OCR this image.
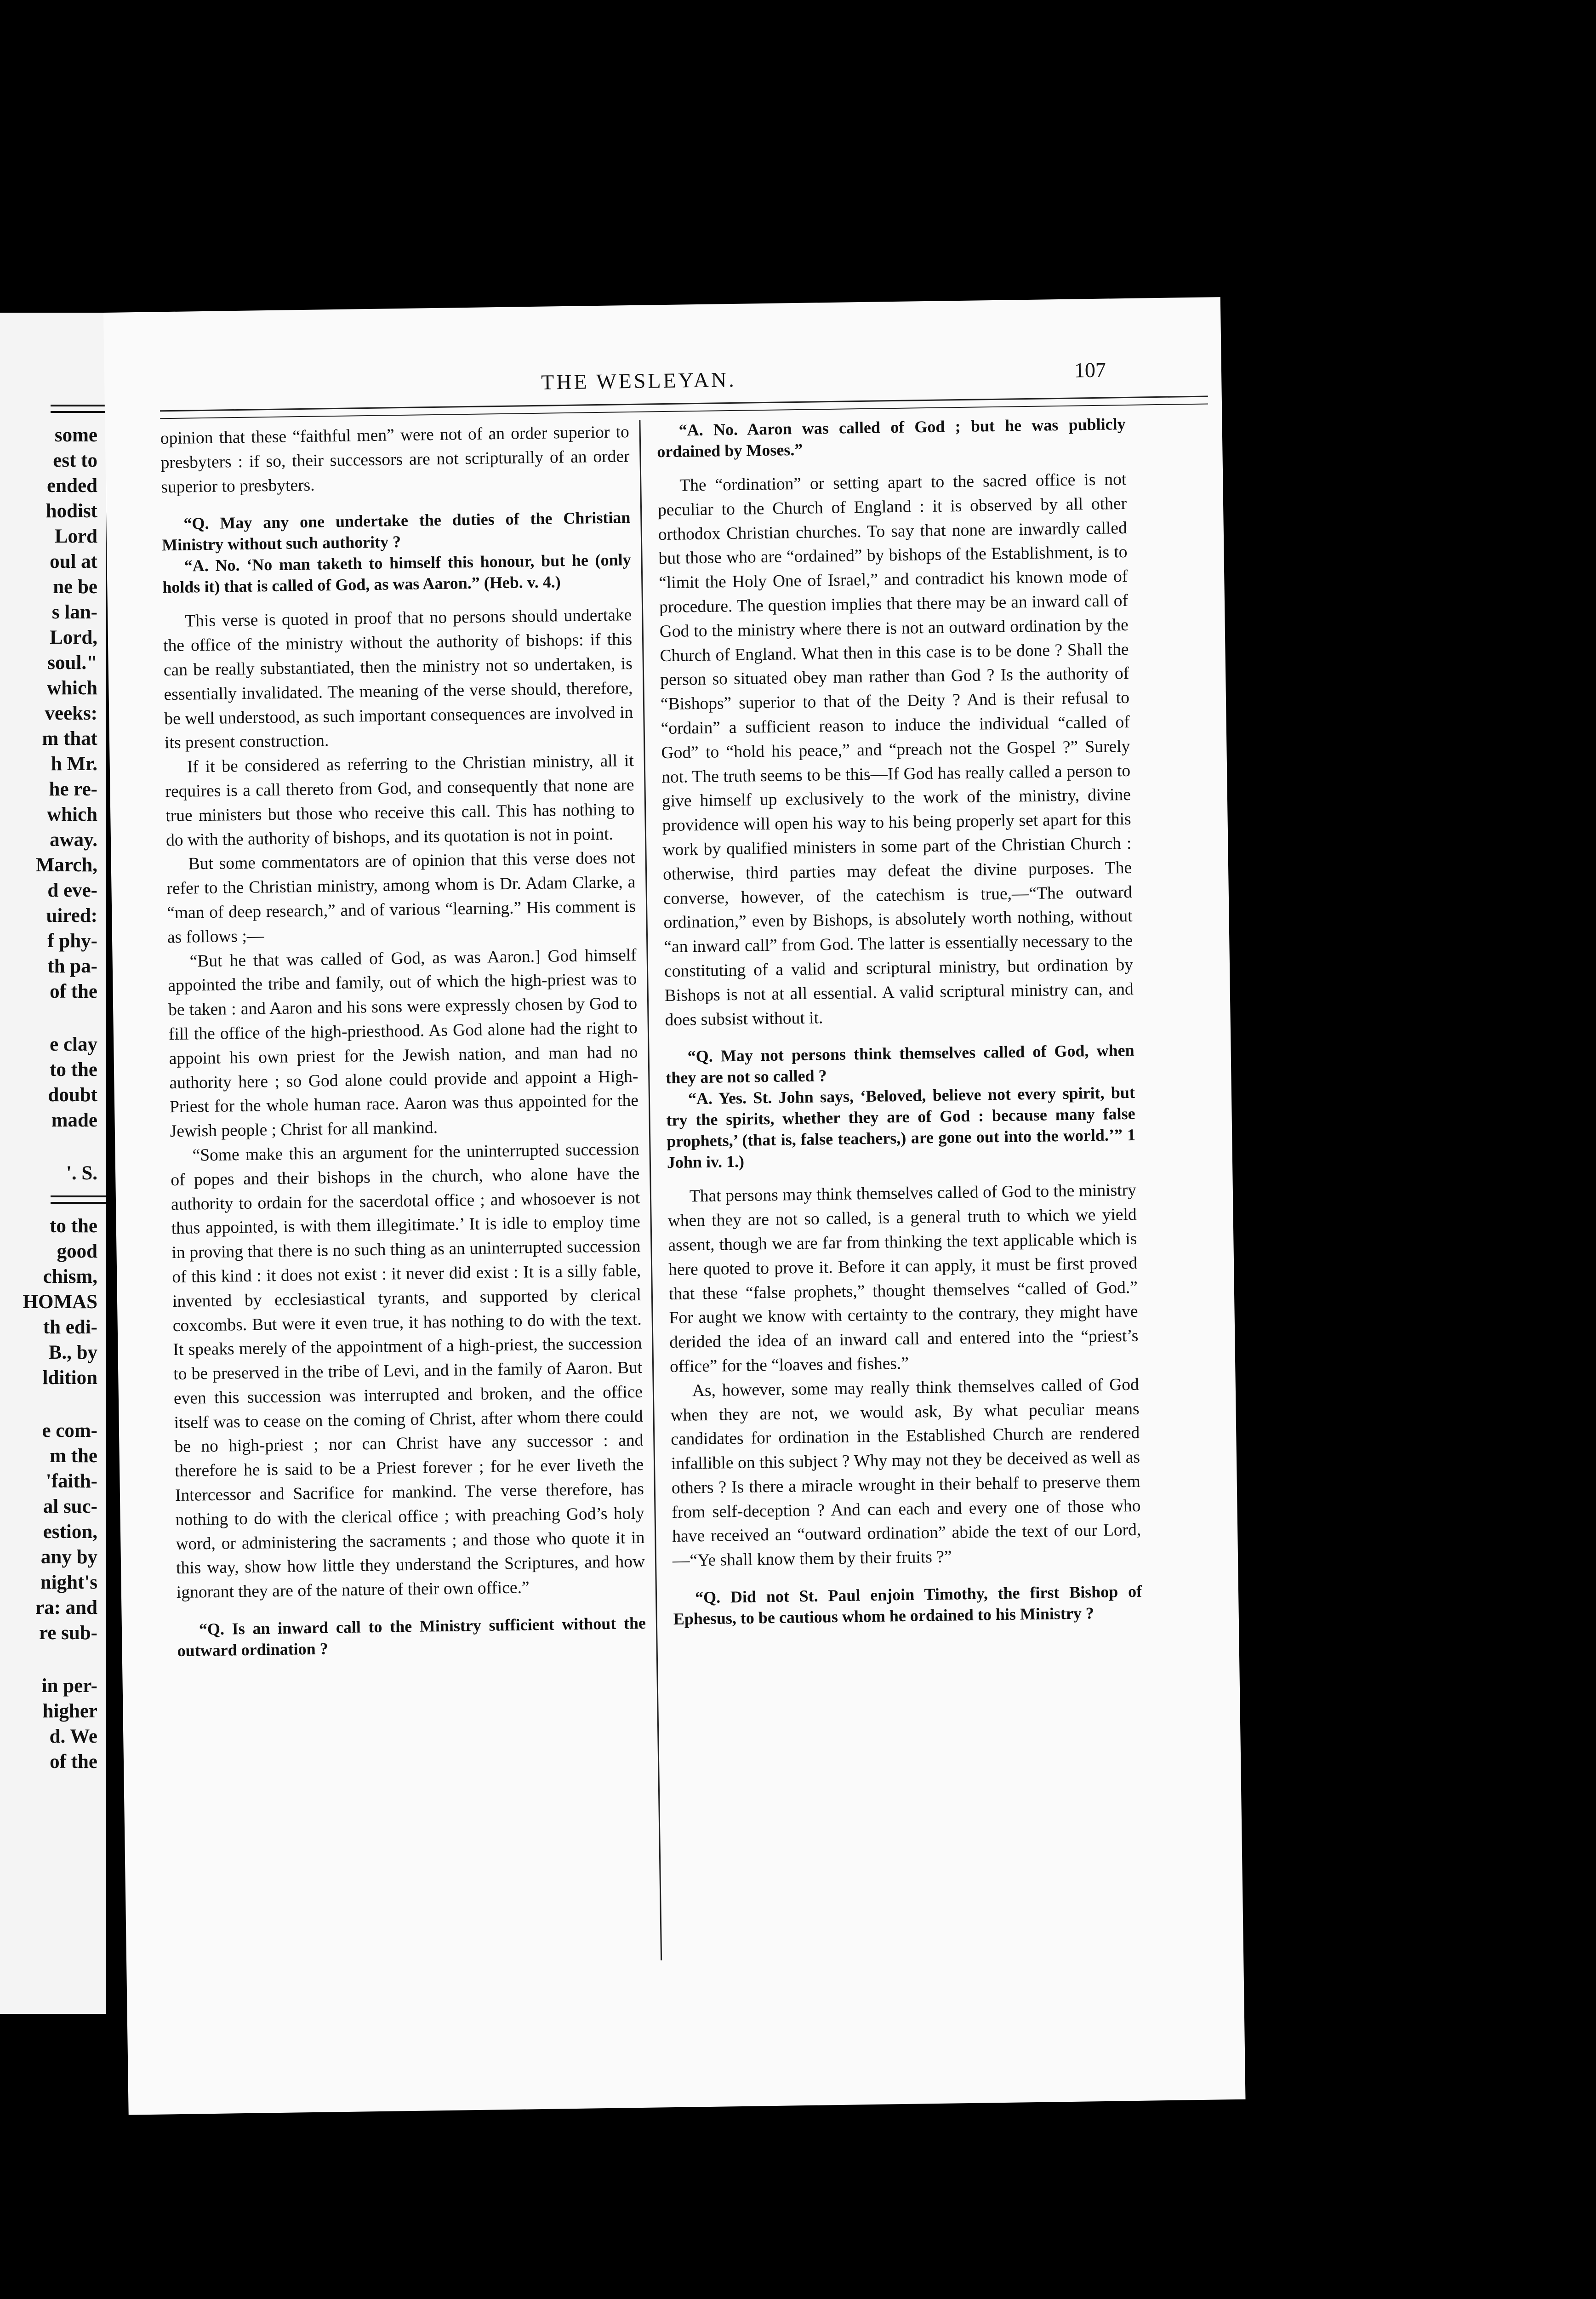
some
est to
ended
hodist
Lord
oul at
ne be
s lan-
Lord,
soul."
which
veeks:
m that
h Mr.
he re-
which
away.
March,
d eve-
uired:
f phy-
th pa-
of the
e clay
to the
doubt
made
'. S.
to the
good
chism,
HOMAS
th edi-
B., by
ldition
e com-
m the
'faith-
al suc-
estion,
any by
night's
ra: and
re sub-
in per-
higher
d. We
of the
THE WESLEYAN.	107

opinion that these “faithful men” were not of an order superior to presbyters : if so, their successors are not scripturally of an order superior to presbyters.

“Q. May any one undertake the duties of the Christian Ministry without such authority ?

“A. No. ‘No man taketh to himself this honour, but he (only holds it) that is called of God, as was Aaron.” (Heb. v. 4.)

This verse is quoted in proof that no persons should undertake the office of the ministry without the authority of bishops: if this can be really substantiated, then the ministry not so undertaken, is essentially invalidated. The meaning of the verse should, therefore, be well understood, as such important consequences are involved in its present construction.

If it be considered as referring to the Christian ministry, all it requires is a call thereto from God, and consequently that none are true ministers but those who receive this call. This has nothing to do with the authority of bishops, and its quotation is not in point.

But some commentators are of opinion that this verse does not refer to the Christian ministry, among whom is Dr. Adam Clarke, a “man of deep research,” and of various “learning.” His comment is as follows ;—

“But he that was called of God, as was Aaron.] God himself appointed the tribe and family, out of which the high-priest was to be taken : and Aaron and his sons were expressly chosen by God to fill the office of the high-priesthood. As God alone had the right to appoint his own priest for the Jewish nation, and man had no authority here ; so God alone could provide and appoint a High-Priest for the whole human race. Aaron was thus appointed for the Jewish people ; Christ for all mankind.

“Some make this an argument for the uninterrupted succession of popes and their bishops in the church, who alone have the authority to ordain for the sacerdotal office ; and whosoever is not thus appointed, is with them illegitimate.’ It is idle to employ time in proving that there is no such thing as an uninterrupted succession of this kind : it does not exist : it never did exist : It is a silly fable, invented by ecclesiastical tyrants, and supported by clerical coxcombs. But were it even true, it has nothing to do with the text. It speaks merely of the appointment of a high-priest, the succession to be preserved in the tribe of Levi, and in the family of Aaron. But even this succession was interrupted and broken, and the office itself was to cease on the coming of Christ, after whom there could be no high-priest ; nor can Christ have any successor : and therefore he is said to be a Priest forever ; for he ever liveth the Intercessor and Sacrifice for mankind. The verse therefore, has nothing to do with the clerical office ; with preaching God’s holy word, or administering the sacraments ; and those who quote it in this way, show how little they understand the Scriptures, and how ignorant they are of the nature of their own office.”

“Q. Is an inward call to the Ministry sufficient without the outward ordination ?

“A. No. Aaron was called of God ; but he was publicly ordained by Moses.”

The “ordination” or setting apart to the sacred office is not peculiar to the Church of England : it is observed by all other orthodox Christian churches. To say that none are inwardly called but those who are “ordained” by bishops of the Establishment, is to “limit the Holy One of Israel,” and contradict his known mode of procedure. The question implies that there may be an inward call of God to the ministry where there is not an outward ordination by the Church of England. What then in this case is to be done ? Shall the person so situated obey man rather than God ? Is the authority of “Bishops” superior to that of the Deity ? And is their refusal to “ordain” a sufficient reason to induce the individual “called of God” to “hold his peace,” and “preach not the Gospel ?” Surely not. The truth seems to be this—If God has really called a person to give himself up exclusively to the work of the ministry, divine providence will open his way to his being properly set apart for this work by qualified ministers in some part of the Christian Church : otherwise, third parties may defeat the divine purposes. The converse, however, of the catechism is true,—“The outward ordination,” even by Bishops, is absolutely worth nothing, without “an inward call” from God. The latter is essentially necessary to the constituting of a valid and scriptural ministry, but ordination by Bishops is not at all essential. A valid scriptural ministry can, and does subsist without it.

“Q. May not persons think themselves called of God, when they are not so called ?

“A. Yes. St. John says, ‘Beloved, believe not every spirit, but try the spirits, whether they are of God : because many false prophets,’ (that is, false teachers,) are gone out into the world.’” 1 John iv. 1.)

That persons may think themselves called of God to the ministry when they are not so called, is a general truth to which we yield assent, though we are far from thinking the text applicable which is here quoted to prove it. Before it can apply, it must be first proved that these “false prophets,” thought themselves “called of God.” For aught we know with certainty to the contrary, they might have derided the idea of an inward call and entered into the “priest’s office” for the “loaves and fishes.”

As, however, some may really think themselves called of God when they are not, we would ask, By what peculiar means candidates for ordination in the Established Church are rendered infallible on this subject ? Why may not they be deceived as well as others ? Is there a miracle wrought in their behalf to preserve them from self-deception ? And can each and every one of those who have received an “outward ordination” abide the text of our Lord,—“Ye shall know them by their fruits ?”

“Q. Did not St. Paul enjoin Timothy, the first Bishop of Ephesus, to be cautious whom he ordained to his Ministry ?
